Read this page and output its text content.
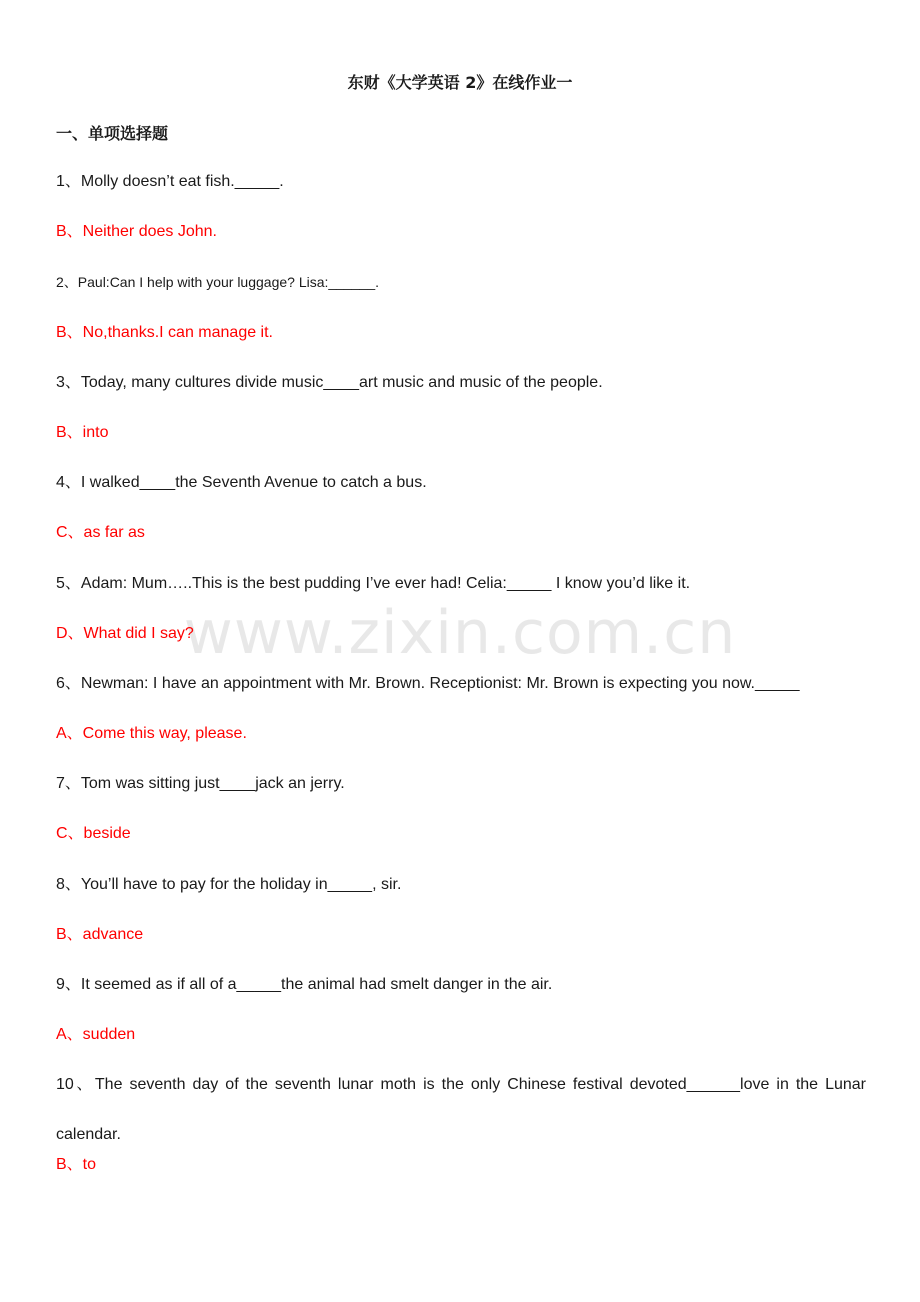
www.zixin.com.cn
东财《大学英语 2》在线作业一
一、单项选择题
1、Molly doesn’t eat fish._____.
B、Neither does John.
2、Paul:Can I help with your luggage? Lisa:______.
B、No,thanks.I can manage it.
3、Today, many cultures divide music____art music and music of the people.
B、into
4、I walked____the Seventh Avenue to catch a bus.
C、as far as
5、Adam: Mum…..This is the best pudding I’ve ever had! Celia:_____ I know you’d like it.
D、What did I say?
6、Newman: I have an appointment with Mr. Brown. Receptionist: Mr. Brown is expecting you now._____
A、Come this way, please.
7、Tom was sitting just____jack an jerry.
C、beside
8、You’ll have to pay for the holiday in_____, sir.
B、advance
9、It seemed as if all of a_____the animal had smelt danger in the air.
A、sudden
10、The seventh day of the seventh lunar moth is the only Chinese festival devoted______love in the Lunar calendar.
B、to
